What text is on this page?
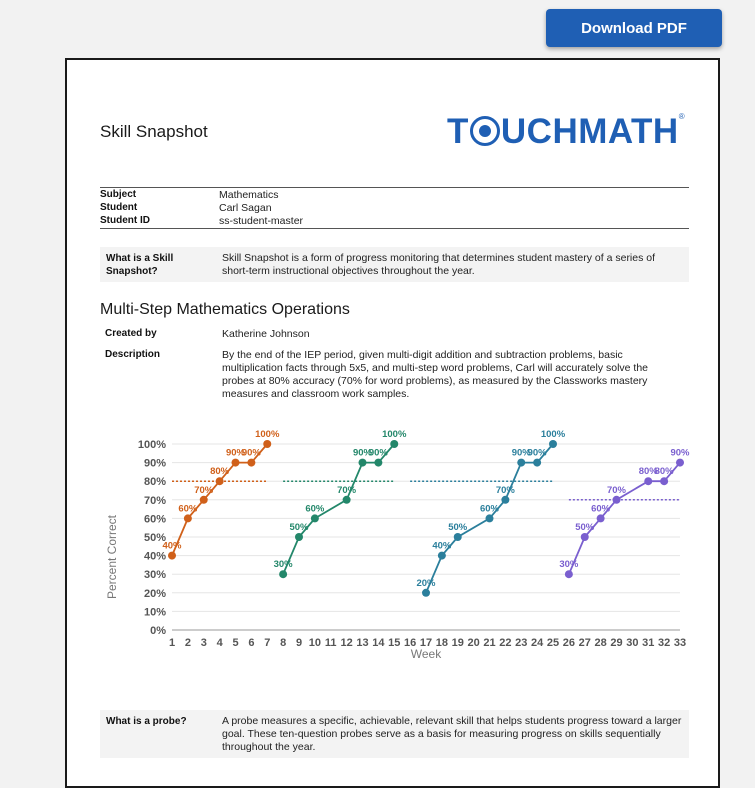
Download PDF
Skill Snapshot	T UCHMATH®
Subject	Mathematics
Student	Carl Sagan
Student ID	ss-student-master
What is a Skill
Snapshot?
Skill Snapshot is a form of progress monitoring that determines student mastery of a series of short-term instructional objectives throughout the year.
Multi-Step Mathematics Operations
Created by	Katherine Johnson
Description	By the end of the IEP period, given multi-digit addition and subtraction problems, basic multiplication facts through 5x5, and multi-step word problems, Carl will accurately solve the probes at 80% accuracy (70% for word problems), as measured by the Classworks mastery measures and classroom work samples.
0%
10%
20%
30%
40%
50%
60%
70%
80%
90%
100%
1 2 3 4 5 6 7 8 9 10 11 12 13 14 15 16 17 18 19 20 21 22 23 24 25 26 27 28 29 30 31 32 33
Week
Percent Correct	40%
60%
70%
80%
90%
90%
100%
30%
50%
60%
70%
90%
90%
100%
20%
40%
50%
60%
70%
90%
90%
100%
30%
50%
60%
70%
80%
80%
90%
What is a probe?	A probe measures a specific, achievable, relevant skill that helps students progress toward a larger goal. These ten-question probes serve as a basis for measuring progress on skills sequentially throughout the year.
